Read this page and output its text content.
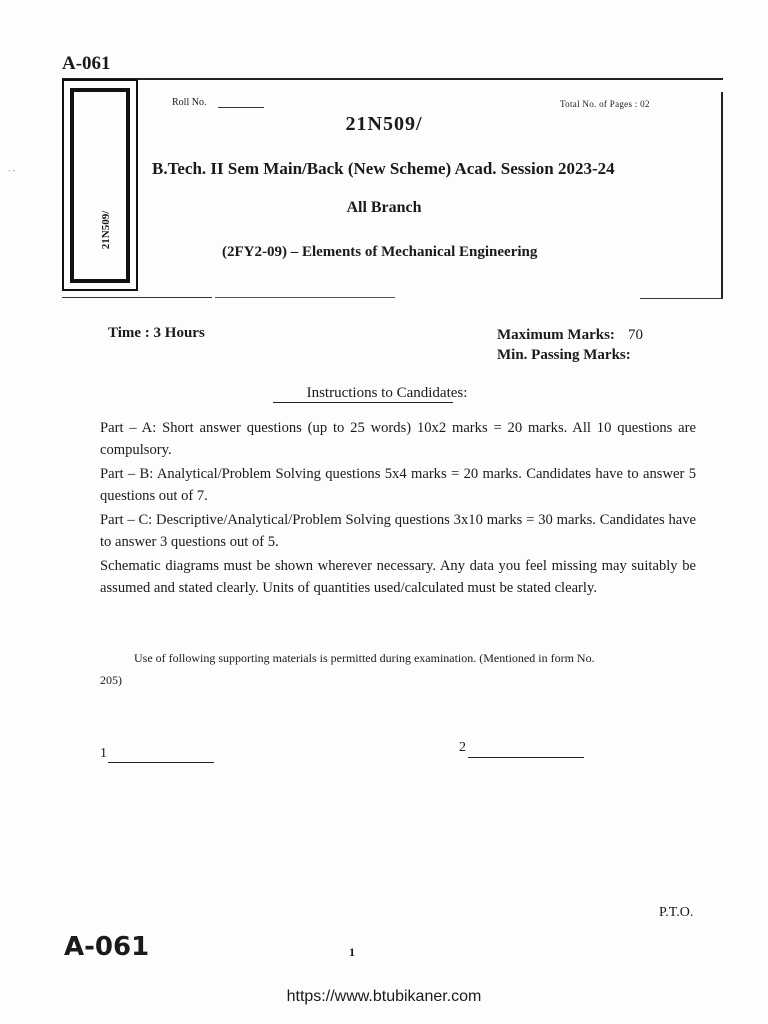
A-061
21N509/
- -
Roll No.	Total No. of Pages : 02
21N509/
B.Tech. II Sem Main/Back (New Scheme) Acad. Session 2023-24
All Branch
(2FY2-09) – Elements of Mechanical Engineering
Time : 3 Hours	Maximum Marks: 70
Min. Passing Marks:
Instructions to Candidates:
Part – A: Short answer questions (up to 25 words) 10x2 marks = 20 marks. All 10 questions are compulsory.
Part – B: Analytical/Problem Solving questions 5x4 marks = 20 marks. Candidates have to answer 5 questions out of 7.
Part – C: Descriptive/Analytical/Problem Solving questions 3x10 marks = 30 marks. Candidates have to answer 3 questions out of 5.
Schematic diagrams must be shown wherever necessary. Any data you feel missing may suitably be assumed and stated clearly. Units of quantities used/calculated must be stated clearly.
Use of following supporting materials is permitted during examination. (Mentioned in form No.
205)
1	2
P.T.O.
A-061	1
https://www.btubikaner.com
